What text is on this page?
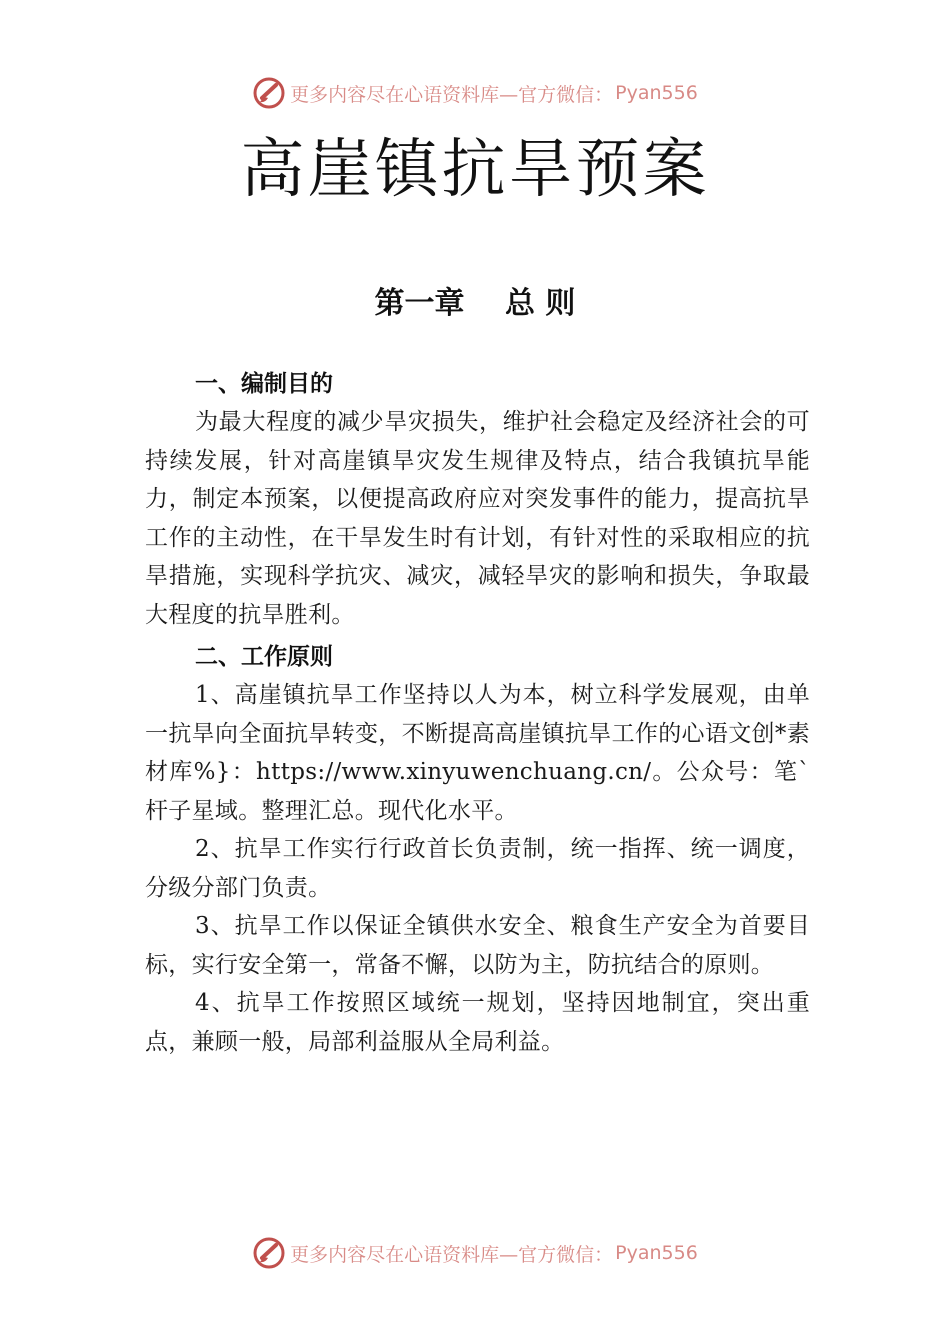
更多内容尽在心语资料库—官方微信： Pyan556
高崖镇抗旱预案
第一章　 总 则

一、编制目的

为最大程度的减少旱灾损失，维护社会稳定及经济社会的可持续发展，针对高崖镇旱灾发生规律及特点，结合我镇抗旱能力，制定本预案，以便提高政府应对突发事件的能力，提高抗旱工作的主动性，在干旱发生时有计划，有针对性的采取相应的抗旱措施，实现科学抗灾、减灾，减轻旱灾的影响和损失，争取最大程度的抗旱胜利。

二、工作原则

1、高崖镇抗旱工作坚持以人为本，树立科学发展观，由单一抗旱向全面抗旱转变，不断提高高崖镇抗旱工作的心语文创*素材库%}：https://www.xinyuwenchuang.cn/。公众号：笔`杆子星域。整理汇总。现代化水平。

2、抗旱工作实行行政首长负责制，统一指挥、统一调度，分级分部门负责。

3、抗旱工作以保证全镇供水安全、粮食生产安全为首要目标，实行安全第一，常备不懈，以防为主，防抗结合的原则。

4、抗旱工作按照区域统一规划，坚持因地制宜，突出重点，兼顾一般，局部利益服从全局利益。

更多内容尽在心语资料库—官方微信： Pyan556
